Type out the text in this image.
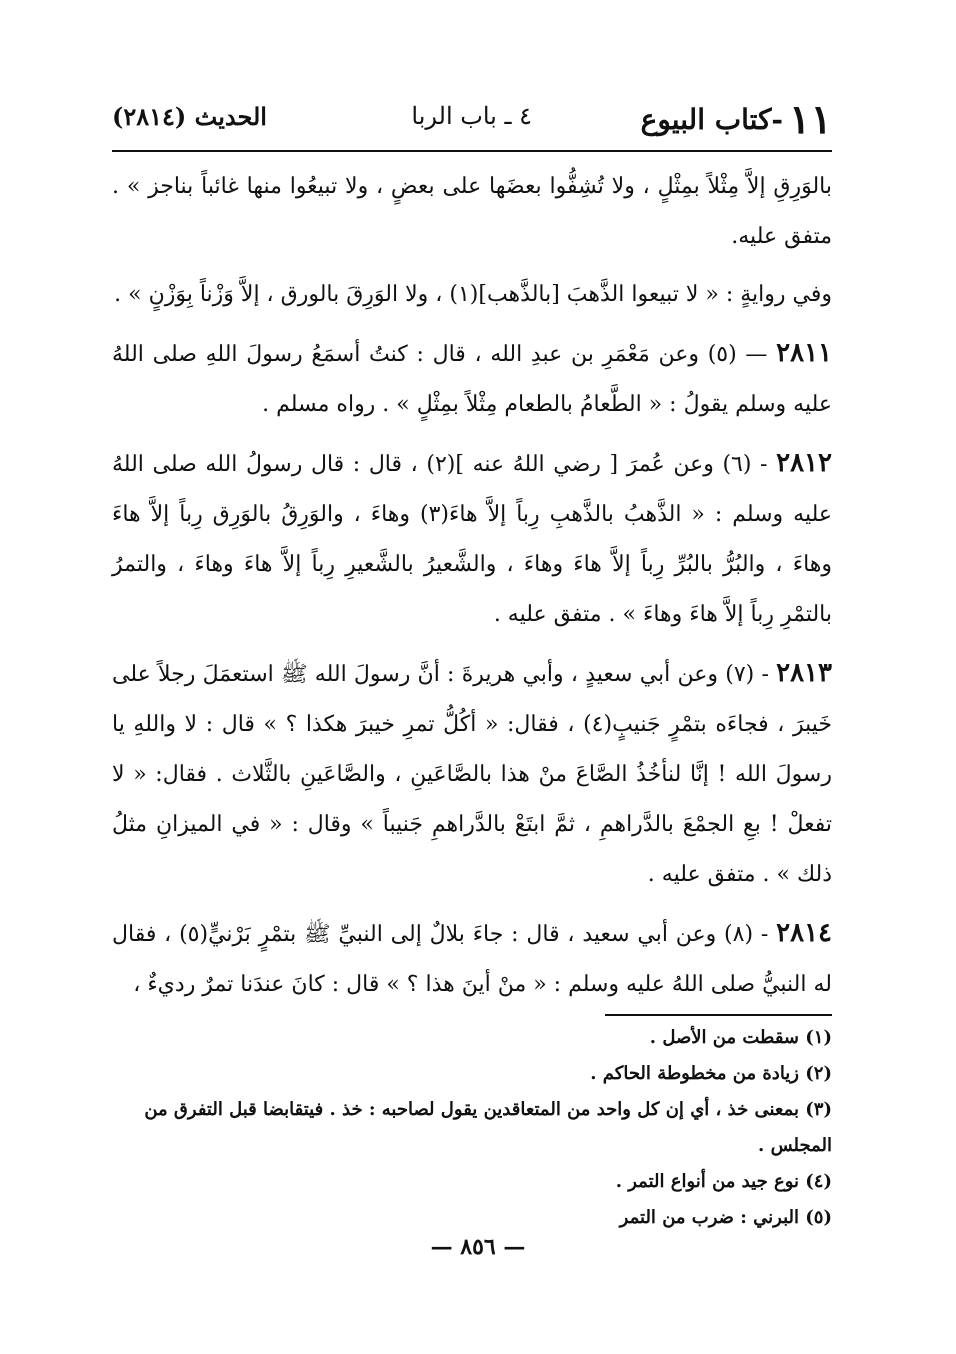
١١-كتاب البيوع
٤ ـ باب الربا
الحديث (٢٨١٤)

بالوَرِقِ إلاَّ مِثْلاً بمِثْلٍ ، ولا تُشِفُّوا بعضَها على بعضٍ ، ولا تبيعُوا منها غائباً بناجز » . متفق عليه.

وفي روايةٍ : « لا تبيعوا الذَّهبَ [بالذَّهب](١) ، ولا الوَرِقَ بالورق ، إلاَّ وَزْناً بِوَزْنٍ » .

٢٨١١ — (٥) وعن مَعْمَرِ بن عبدِ الله ، قال : كنتُ أسمَعُ رسولَ اللهِ صلى اللهُ عليه وسلم يقولُ : « الطَّعامُ بالطعام مِثْلاً بمِثْلٍ » . رواه مسلم .

٢٨١٢ - (٦) وعن عُمرَ [ رضي اللهُ عنه ](٢) ، قال : قال رسولُ الله صلى اللهُ عليه وسلم : « الذَّهبُ بالذَّهبِ رِباً إلاَّ هاءَ(٣) وهاءَ ، والوَرِقُ بالوَرِق رِباً إلاَّ هاءَ وهاءَ ، والبُرُّ بالبُرِّ رِباً إلاَّ هاءَ وهاءَ ، والشَّعيرُ بالشَّعيرِ رِباً إلاَّ هاءَ وهاءَ ، والتمرُ بالتمْرِ رِباً إلاَّ هاءَ وهاءَ » . متفق عليه .

٢٨١٣ - (٧) وعن أبي سعيدٍ ، وأبي هريرةَ : أنَّ رسولَ الله ﷺ استعمَلَ رجلاً على خَيبرَ ، فجاءَه بتمْرٍ جَنيبٍ(٤) ، فقال: « أكُلُّ تمرِ خيبرَ هكذا ؟ » قال : لا واللهِ يا رسولَ الله ! إنَّا لنأخُذُ الصَّاعَ منْ هذا بالصَّاعَينِ ، والصَّاعَينِ بالثَّلاث . فقال: « لا تفعلْ ! بعِ الجمْعَ بالدَّراهمِ ، ثمَّ ابتَعْ بالدَّراهمِ جَنيباً » وقال : « في الميزانِ مثلُ ذلك » . متفق عليه .

٢٨١٤ - (٨) وعن أبي سعيد ، قال : جاءَ بلالٌ إلى النبيِّ ﷺ بتمْرٍ بَرْنيٍّ(٥) ، فقال له النبيُّ صلى اللهُ عليه وسلم : « منْ أينَ هذا ؟ » قال : كانَ عندَنا تمرٌ رديءٌ ،

(١) سقطت من الأصل .
(٢) زيادة من مخطوطة الحاكم .
(٣) بمعنى خذ ، أي إن كل واحد من المتعاقدين يقول لصاحبه : خذ . فيتقابضا قبل التفرق من المجلس .
(٤) نوع جيد من أنواع التمر .
(٥) البرني : ضرب من التمر
— ٨٥٦ —
